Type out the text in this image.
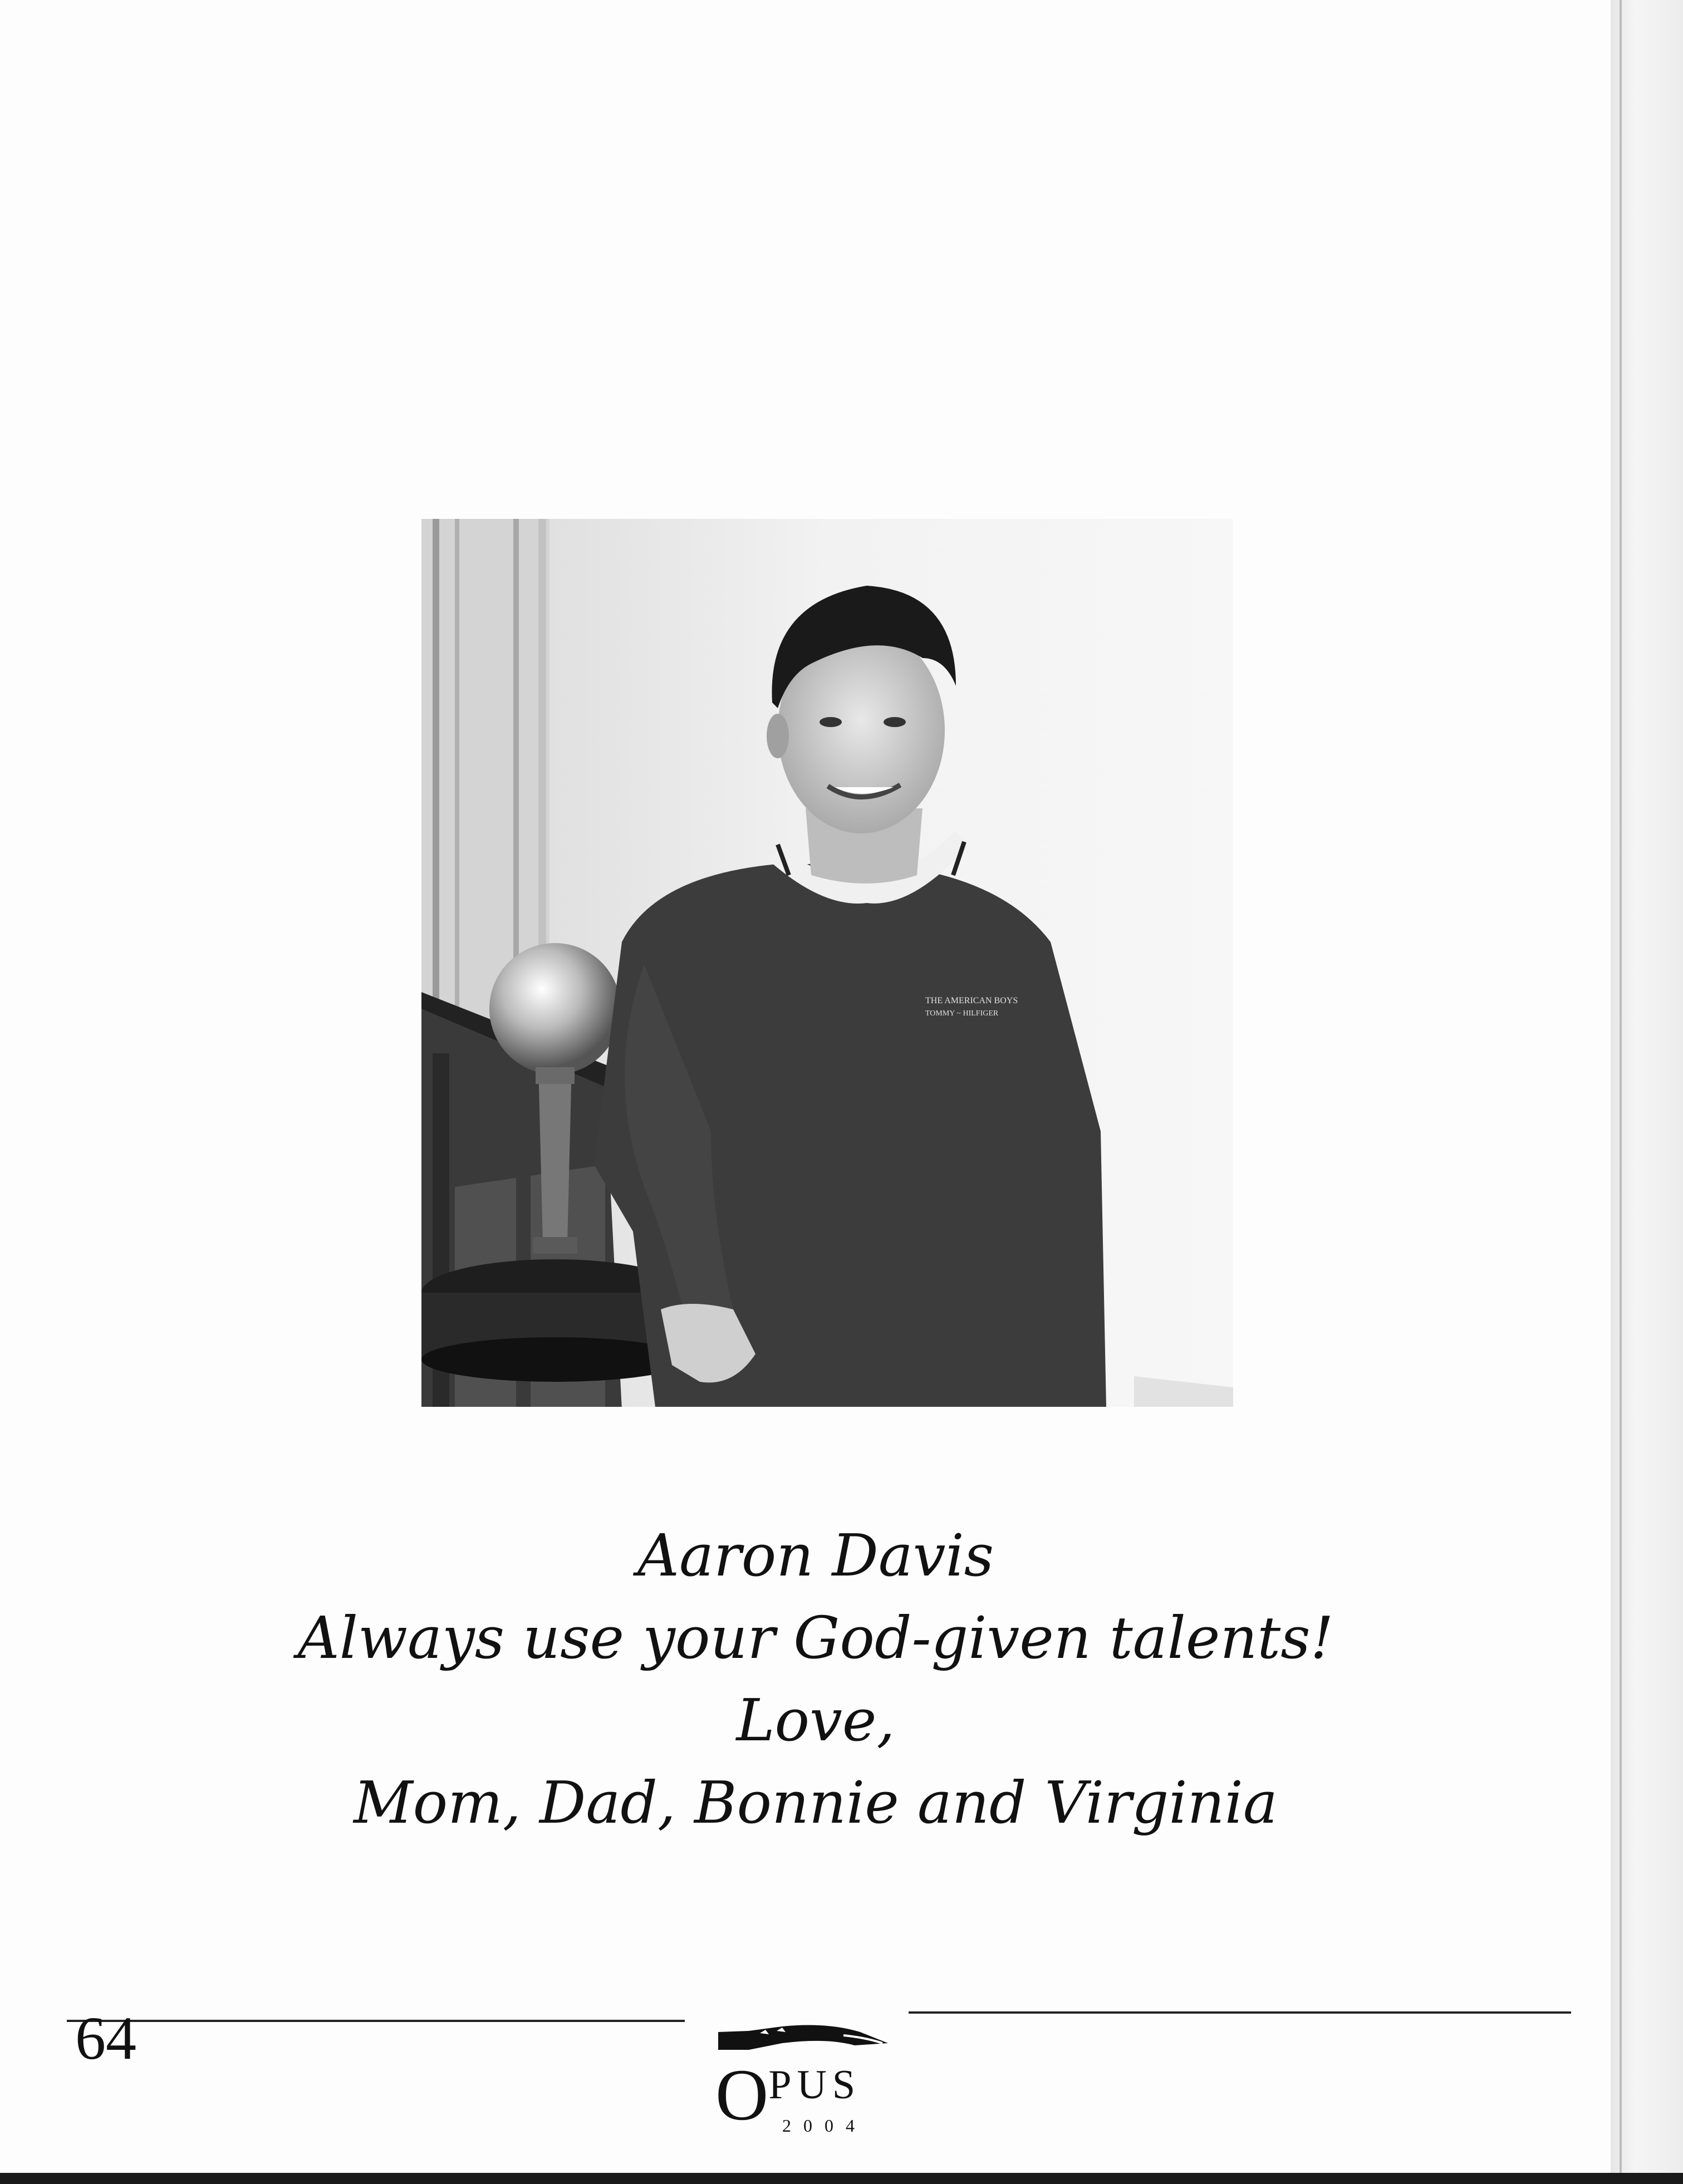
THE AMERICAN BOYS
TOMMY ~ HILFIGER
Aaron Davis
Always use your God-given talents!
Love,
Mom, Dad, Bonnie and Virginia
64
OPUS
2004
